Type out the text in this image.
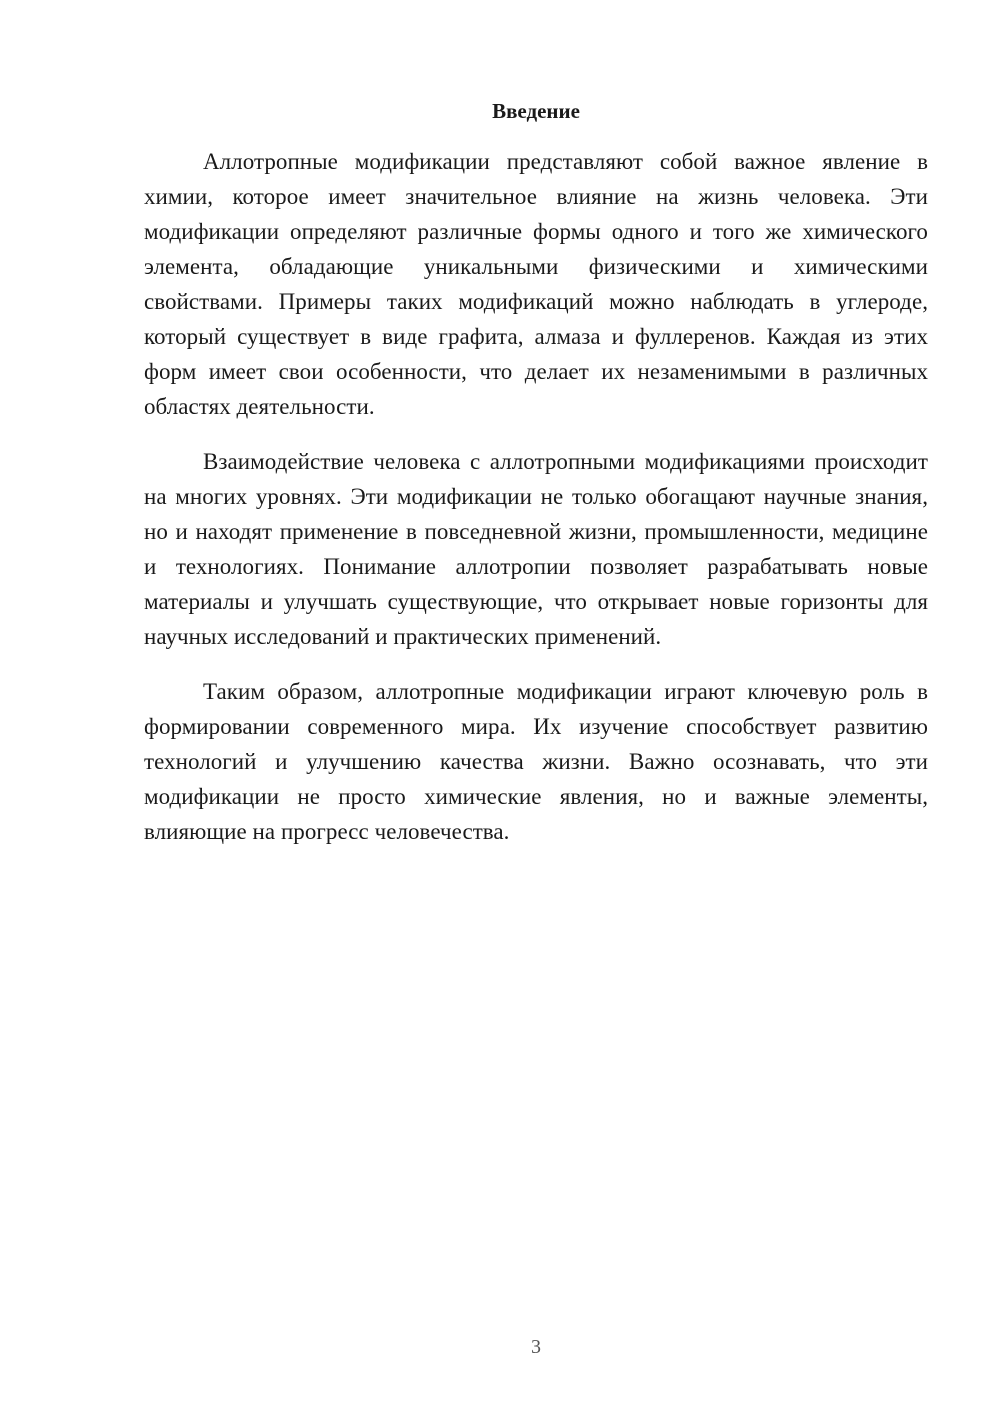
Введение

Аллотропные модификации представляют собой важное явление в химии, которое имеет значительное влияние на жизнь человека. Эти модификации определяют различные формы одного и того же химического элемента, обладающие уникальными физическими и химическими свойствами. Примеры таких модификаций можно наблюдать в углероде, который существует в виде графита, алмаза и фуллеренов. Каждая из этих форм имеет свои особенности, что делает их незаменимыми в различных областях деятельности.

Взаимодействие человека с аллотропными модификациями происходит на многих уровнях. Эти модификации не только обогащают научные знания, но и находят применение в повседневной жизни, промышленности, медицине и технологиях. Понимание аллотропии позволяет разрабатывать новые материалы и улучшать существующие, что открывает новые горизонты для научных исследований и практических применений.

Таким образом, аллотропные модификации играют ключевую роль в формировании современного мира. Их изучение способствует развитию технологий и улучшению качества жизни. Важно осознавать, что эти модификации не просто химические явления, но и важные элементы, влияющие на прогресс человечества.

3
